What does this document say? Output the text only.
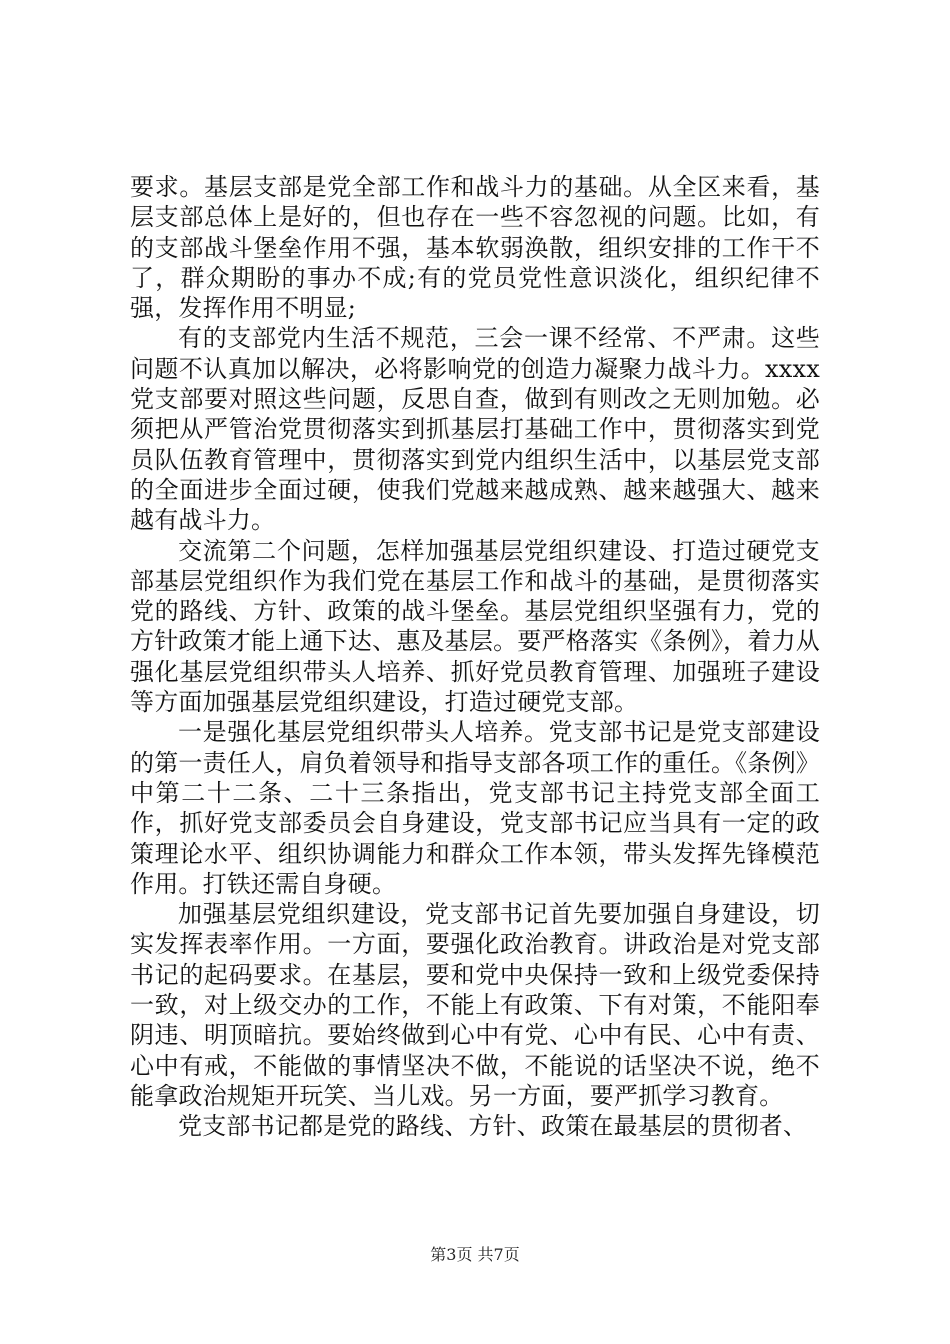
要求。基层支部是党全部工作和战斗力的基础。从全区来看，基层支部总体上是好的，但也存在一些不容忽视的问题。比如，有的支部战斗堡垒作用不强，基本软弱涣散，组织安排的工作干不了，群众期盼的事办不成;有的党员党性意识淡化，组织纪律不强，发挥作用不明显;

有的支部党内生活不规范，三会一课不经常、不严肃。这些问题不认真加以解决，必将影响党的创造力凝聚力战斗力。xxxx党支部要对照这些问题，反思自查，做到有则改之无则加勉。必须把从严管治党贯彻落实到抓基层打基础工作中，贯彻落实到党员队伍教育管理中，贯彻落实到党内组织生活中，以基层党支部的全面进步全面过硬，使我们党越来越成熟、越来越强大、越来越有战斗力。

交流第二个问题，怎样加强基层党组织建设、打造过硬党支部基层党组织作为我们党在基层工作和战斗的基础，是贯彻落实党的路线、方针、政策的战斗堡垒。基层党组织坚强有力，党的方针政策才能上通下达、惠及基层。要严格落实《条例》，着力从强化基层党组织带头人培养、抓好党员教育管理、加强班子建设等方面加强基层党组织建设，打造过硬党支部。

一是强化基层党组织带头人培养。党支部书记是党支部建设的第一责任人，肩负着领导和指导支部各项工作的重任。《条例》中第二十二条、二十三条指出，党支部书记主持党支部全面工作，抓好党支部委员会自身建设，党支部书记应当具有一定的政策理论水平、组织协调能力和群众工作本领，带头发挥先锋模范作用。打铁还需自身硬。

加强基层党组织建设，党支部书记首先要加强自身建设，切实发挥表率作用。一方面，要强化政治教育。讲政治是对党支部书记的起码要求。在基层，要和党中央保持一致和上级党委保持一致，对上级交办的工作，不能上有政策、下有对策，不能阳奉阴违、明顶暗抗。要始终做到心中有党、心中有民、心中有责、心中有戒，不能做的事情坚决不做，不能说的话坚决不说，绝不能拿政治规矩开玩笑、当儿戏。另一方面，要严抓学习教育。

党支部书记都是党的路线、方针、政策在最基层的贯彻者、

第3页 共7页
